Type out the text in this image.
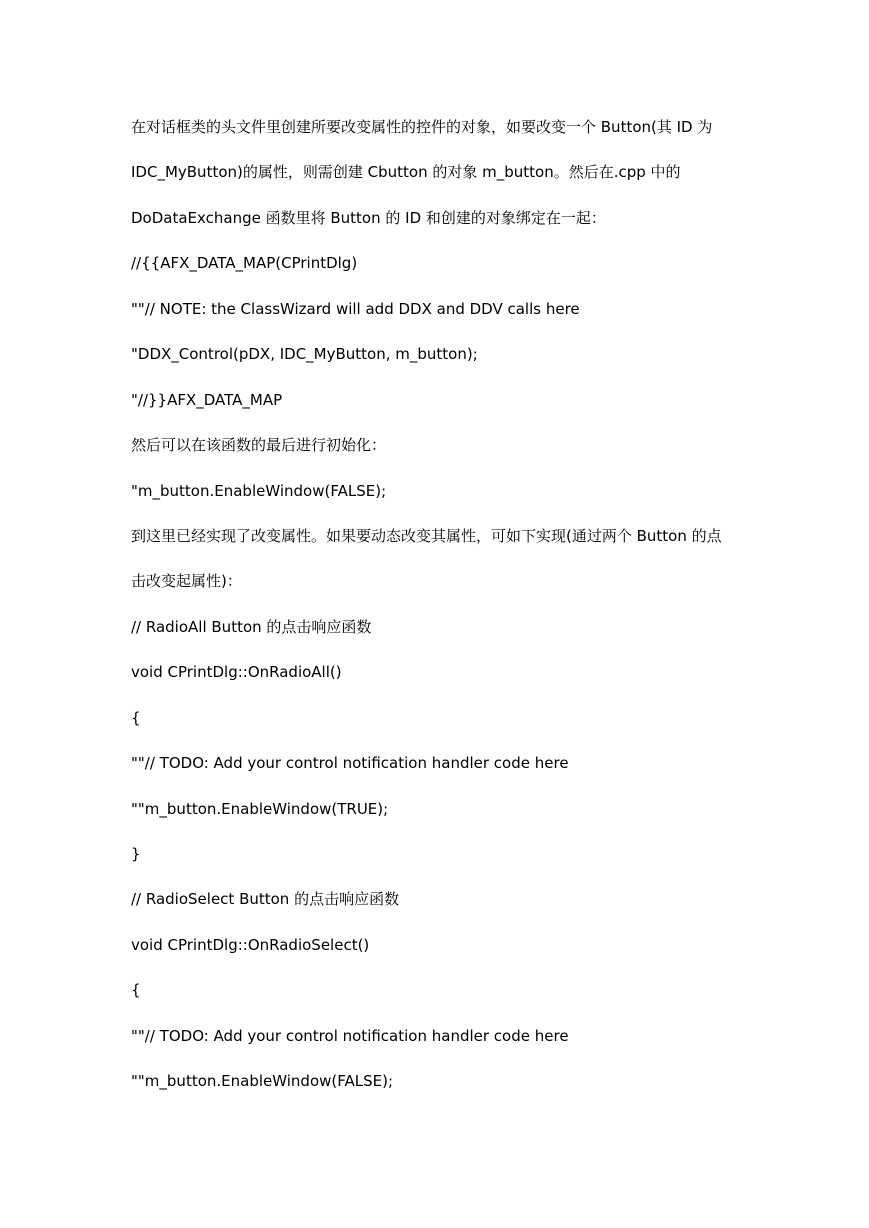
在对话框类的头文件里创建所要改变属性的控件的对象，如要改变一个 Button(其 ID 为
IDC_MyButton)的属性，则需创建 Cbutton 的对象 m_button。然后在.cpp 中的
DoDataExchange 函数里将 Button 的 ID 和创建的对象绑定在一起：
//{{AFX_DATA_MAP(CPrintDlg)
""// NOTE: the ClassWizard will add DDX and DDV calls here
"DDX_Control(pDX, IDC_MyButton, m_button);
"//}}AFX_DATA_MAP
然后可以在该函数的最后进行初始化：
"m_button.EnableWindow(FALSE);
到这里已经实现了改变属性。如果要动态改变其属性，可如下实现(通过两个 Button 的点
击改变起属性)：
// RadioAll Button 的点击响应函数
void CPrintDlg::OnRadioAll()
{
""// TODO: Add your control notification handler code here
""m_button.EnableWindow(TRUE);
}
// RadioSelect Button 的点击响应函数
void CPrintDlg::OnRadioSelect()
{
""// TODO: Add your control notification handler code here
""m_button.EnableWindow(FALSE);
